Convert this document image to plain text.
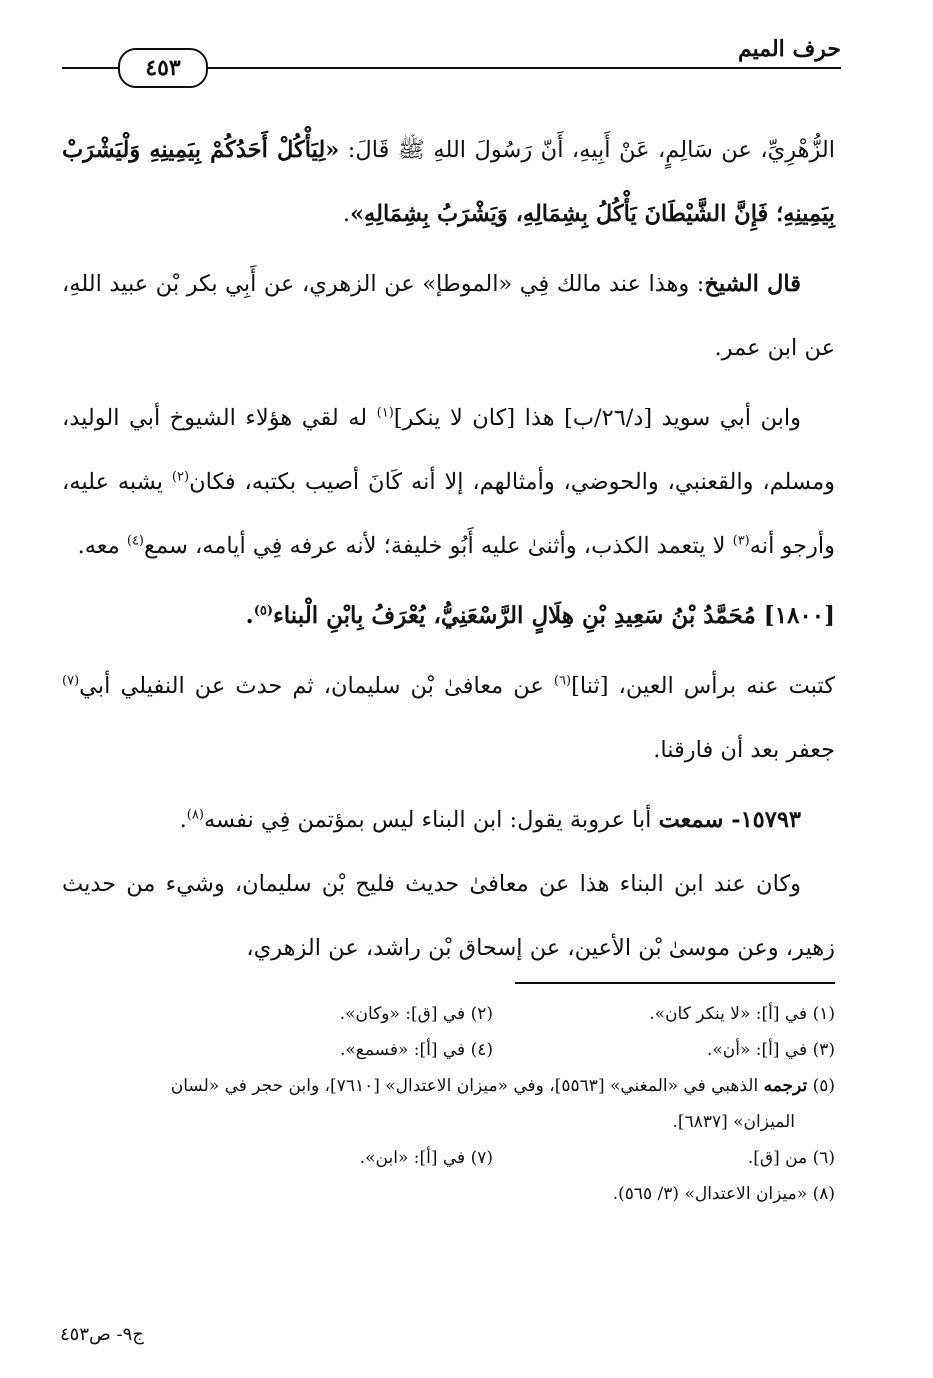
حرف الميم
٤٥٣

الزُّهْرِيِّ، عن سَالِمٍ، عَنْ أَبِيهِ، أَنّ رَسُولَ اللهِ ﷺ قَالَ: «لِيَأْكُلْ أَحَدُكُمْ بِيَمِينِهِ وَلْيَشْرَبْ بِيَمِينِهِ؛ فَإِنَّ الشَّيْطَانَ يَأْكُلُ بِشِمَالِهِ، وَيَشْرَبُ بِشِمَالِهِ».

قال الشيخ: وهذا عند مالك فِي «الموطإ» عن الزهري، عن أَبِي بكر بْن عبيد اللهِ، عن ابن عمر.

وابن أبي سويد [د/٢٦/ب] هذا [كان لا ينكر]$^{(١)}$ له لقي هؤلاء الشيوخ أبي الوليد، ومسلم، والقعنبي، والحوضي، وأمثالهم، إلا أنه كَانَ أصيب بكتبه، فكان$^{(٢)}$ يشبه عليه، وأرجو أنه$^{(٣)}$ لا يتعمد الكذب، وأثنىٰ عليه أَبُو خليفة؛ لأنه عرفه فِي أيامه، سمع$^{(٤)}$ معه.

[١٨٠٠] مُحَمَّدُ بْنُ سَعِيدِ بْنِ هِلَالٍ الرَّسْعَنِيُّ، يُعْرَفُ بِابْنِ الْبناء$^{(٥)}$.

كتبت عنه برأس العين، [ثنا]$^{(٦)}$ عن معافىٰ بْن سليمان، ثم حدث عن النفيلي أبي$^{(٧)}$ جعفر بعد أن فارقنا.

١٥٧٩٣- سمعت أبا عروبة يقول: ابن البناء ليس بمؤتمن فِي نفسه$^{(٨)}$.

وكان عند ابن البناء هذا عن معافىٰ حديث فليح بْن سليمان، وشيء من حديث زهير، وعن موسىٰ بْن الأعين، عن إسحاق بْن راشد، عن الزهري،

(١) في [أ]: «لا ينكر كان».
(٢) في [ق]: «وكان».
(٣) في [أ]: «أن».
(٤) في [أ]: «فسمع».
(٥) ترجمه الذهبي في «المغني» [٥٥٦٣]، وفي «ميزان الاعتدال» [٧٦١٠]، وابن حجر في «لسان
الميزان» [٦٨٣٧].
(٦) من [ق].
(٧) في [أ]: «ابن».
(٨) «ميزان الاعتدال» (٣/ ٥٦٥).
ج٩- ص٤٥٣
